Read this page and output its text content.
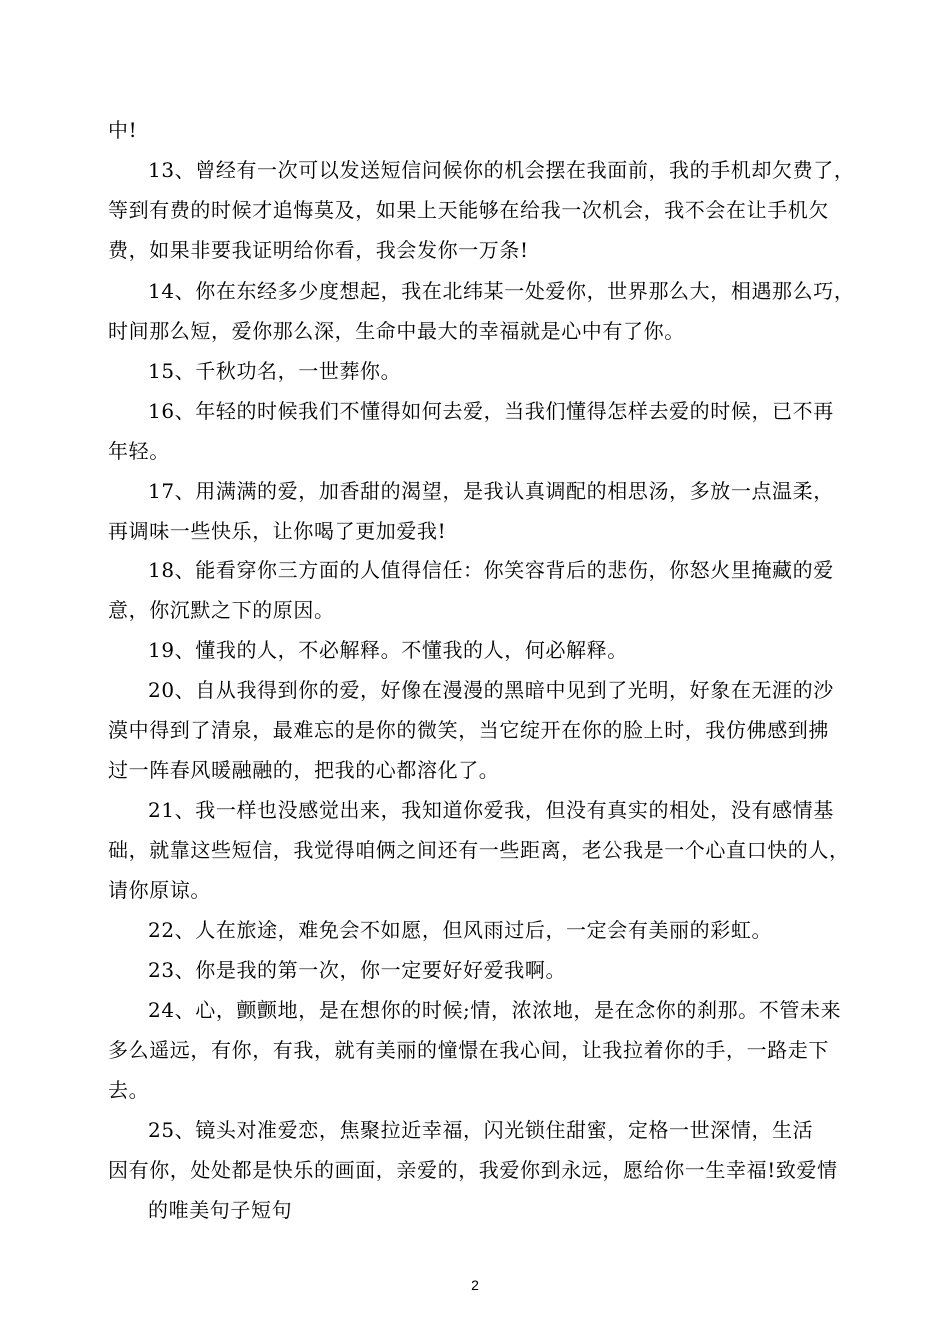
中!
13、曾经有一次可以发送短信问候你的机会摆在我面前，我的手机却欠费了，
等到有费的时候才追悔莫及，如果上天能够在给我一次机会，我不会在让手机欠
费，如果非要我证明给你看，我会发你一万条!
14、你在东经多少度想起，我在北纬某一处爱你，世界那么大，相遇那么巧，
时间那么短，爱你那么深，生命中最大的幸福就是心中有了你。
15、千秋功名，一世葬你。
16、年轻的时候我们不懂得如何去爱，当我们懂得怎样去爱的时候，已不再
年轻。
17、用满满的爱，加香甜的渴望，是我认真调配的相思汤，多放一点温柔，
再调味一些快乐，让你喝了更加爱我!
18、能看穿你三方面的人值得信任：你笑容背后的悲伤，你怒火里掩藏的爱
意，你沉默之下的原因。
19、懂我的人，不必解释。不懂我的人，何必解释。
20、自从我得到你的爱，好像在漫漫的黑暗中见到了光明，好象在无涯的沙
漠中得到了清泉，最难忘的是你的微笑，当它绽开在你的脸上时，我仿佛感到拂
过一阵春风暖融融的，把我的心都溶化了。
21、我一样也没感觉出来，我知道你爱我，但没有真实的相处，没有感情基
础，就靠这些短信，我觉得咱俩之间还有一些距离，老公我是一个心直口快的人，
请你原谅。
22、人在旅途，难免会不如愿，但风雨过后，一定会有美丽的彩虹。
23、你是我的第一次，你一定要好好爱我啊。
24、心，颤颤地，是在想你的时候;情，浓浓地，是在念你的刹那。不管未来
多么遥远，有你，有我，就有美丽的憧憬在我心间，让我拉着你的手，一路走下
去。
25、镜头对准爱恋，焦聚拉近幸福，闪光锁住甜蜜，定格一世深情，生活
因有你，处处都是快乐的画面，亲爱的，我爱你到永远，愿给你一生幸福!致爱情
的唯美句子短句
2
